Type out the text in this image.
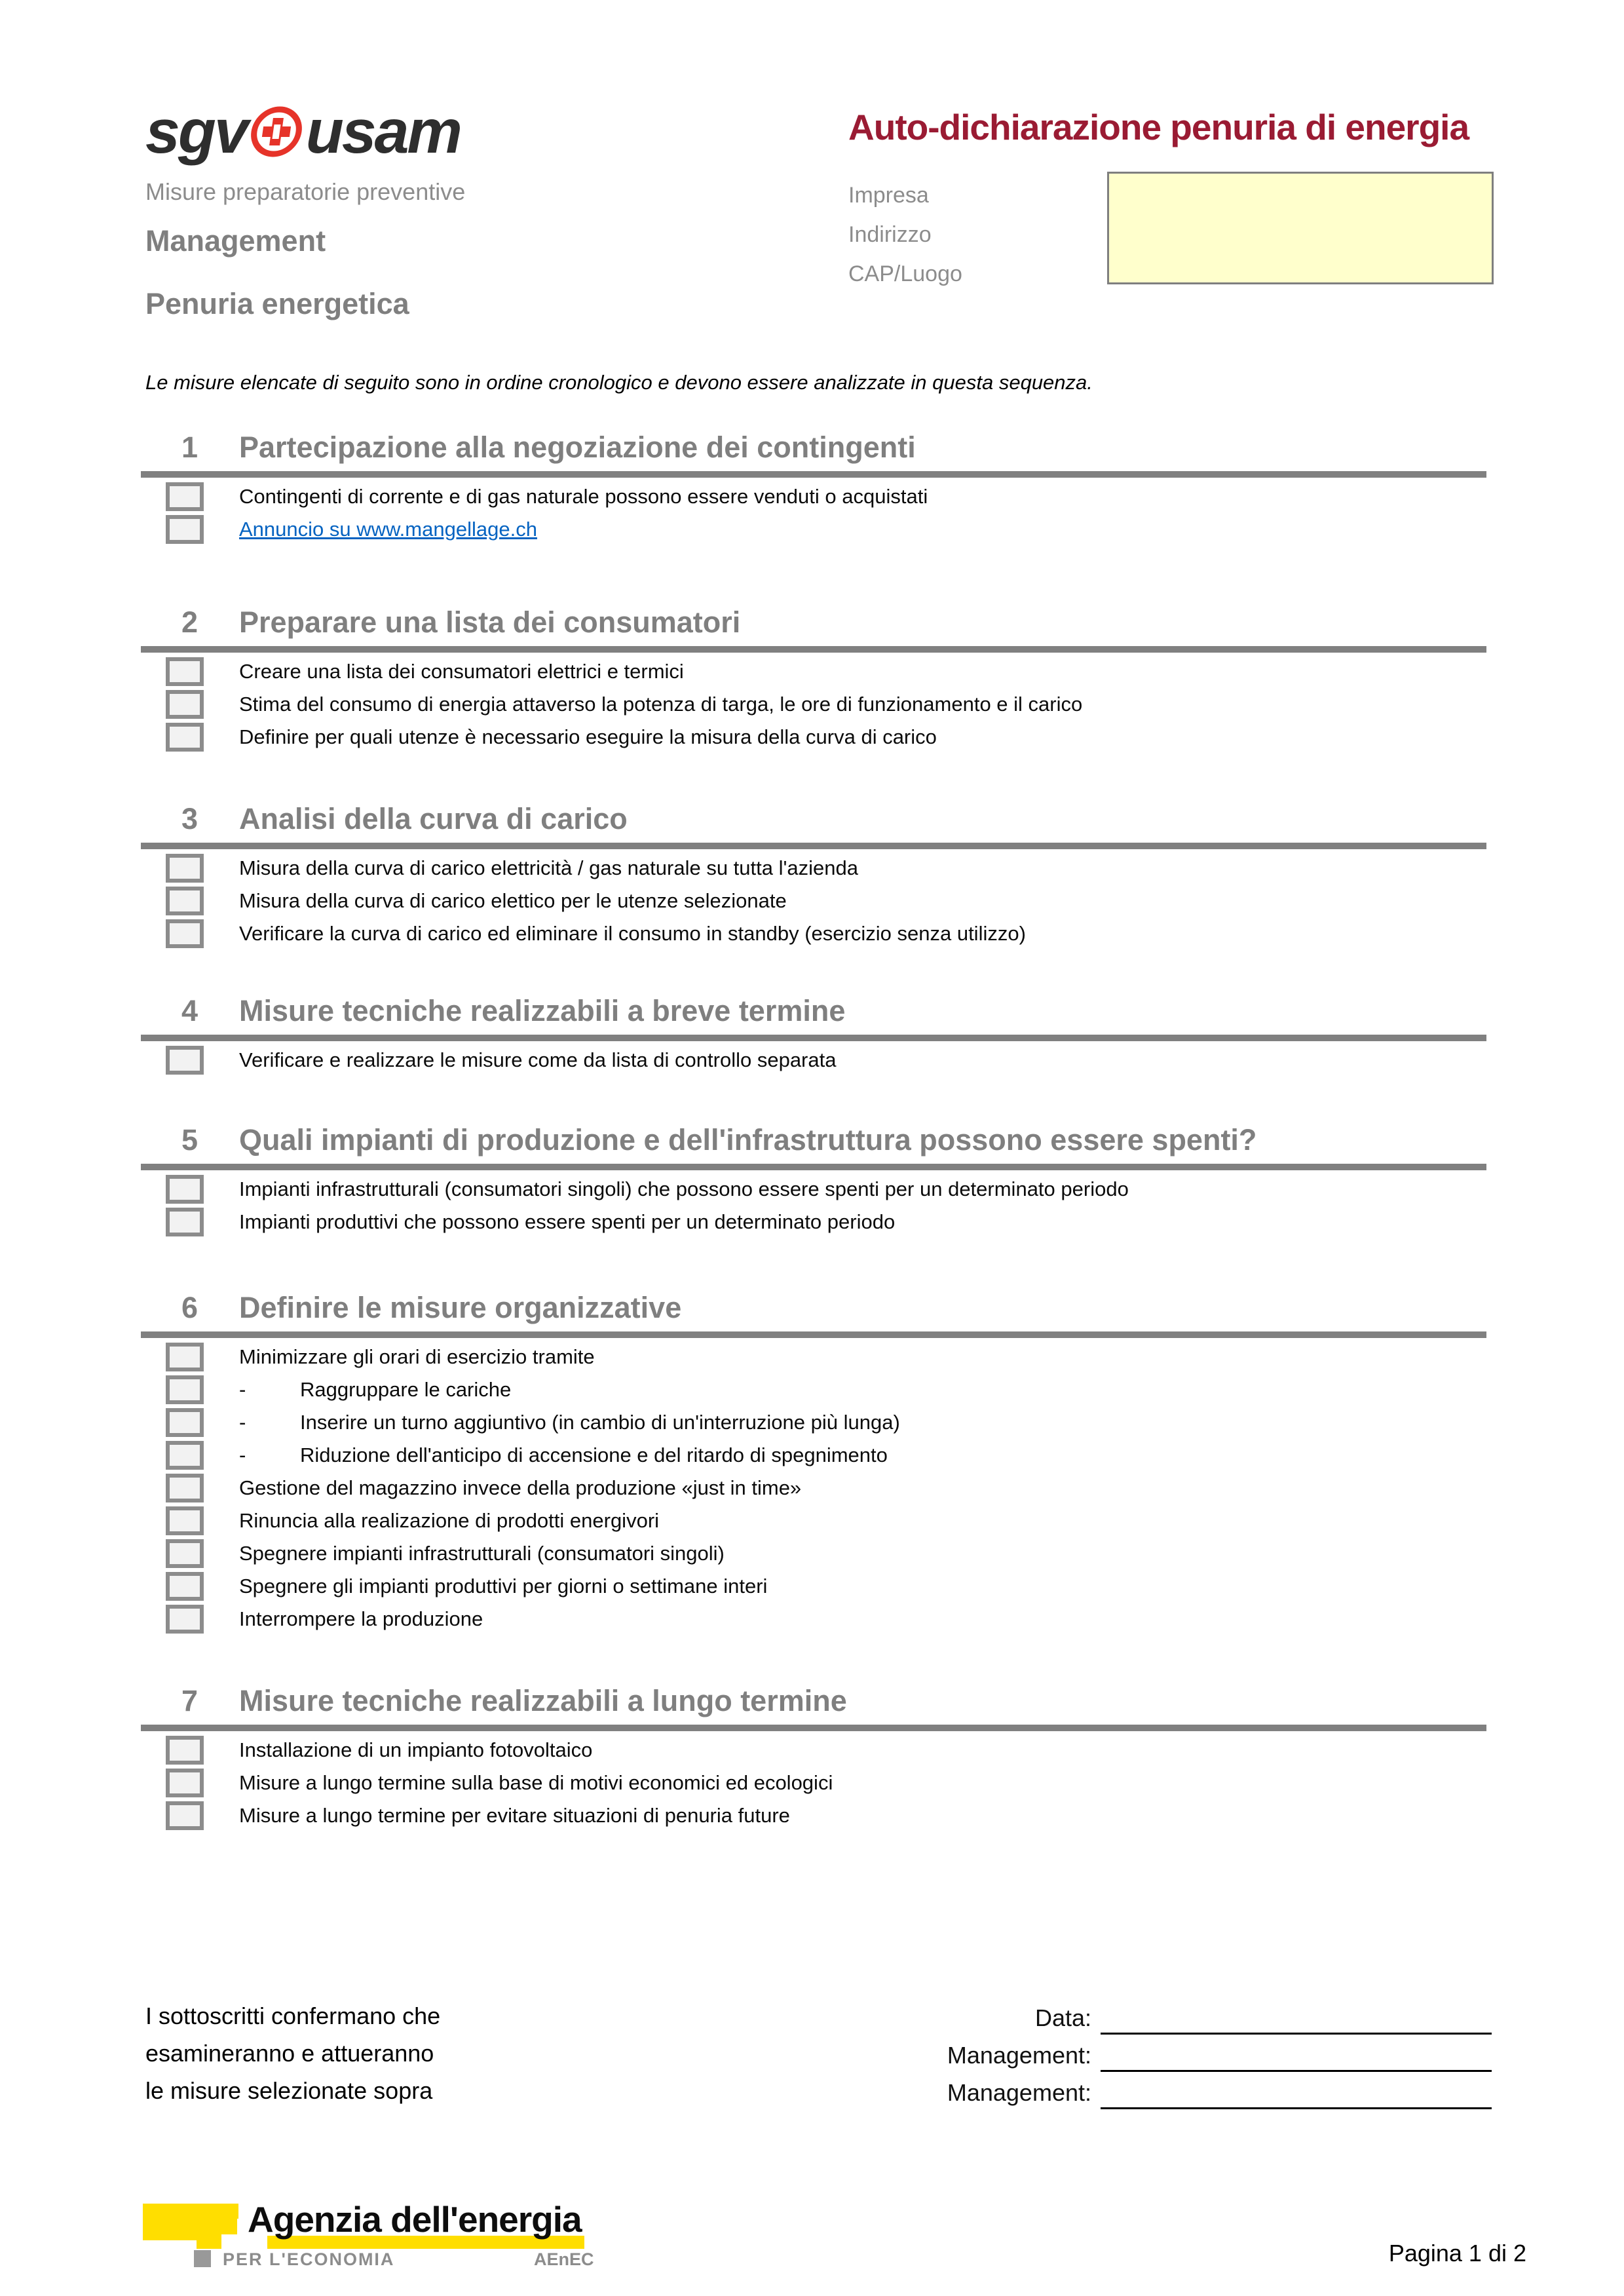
sgv usam
Misure preparatorie preventive
Management
Penuria energetica
Auto-dichiarazione penuria di energia
Impresa
Indirizzo
CAP/Luogo
Le misure elencate di seguito sono in ordine cronologico e devono essere analizzate in questa sequenza.
1	Partecipazione alla negoziazione dei contingenti
Contingenti di corrente e di gas naturale possono essere venduti o acquistati
Annuncio su www.mangellage.ch
2	Preparare una lista dei consumatori
Creare una lista dei consumatori elettrici e termici
Stima del consumo di energia attaverso la potenza di targa, le ore di funzionamento e il carico
Definire per quali utenze è necessario eseguire la misura della curva di carico
3	Analisi della curva di carico
Misura della curva di carico elettricità / gas naturale su tutta l'azienda
Misura della curva di carico elettico per le utenze selezionate
Verificare la curva di carico ed eliminare il consumo in standby (esercizio senza utilizzo)
4	Misure tecniche realizzabili a breve termine
Verificare e realizzare le misure come da lista di controllo separata
5	Quali impianti di produzione e dell'infrastruttura possono essere spenti?
Impianti infrastrutturali (consumatori singoli) che possono essere spenti per un determinato periodo
Impianti produttivi che possono essere spenti per un determinato periodo
6	Definire le misure organizzative
Minimizzare gli orari di esercizio tramite
-	Raggruppare le cariche
-	Inserire un turno aggiuntivo (in cambio di un'interruzione più lunga)
-	Riduzione dell'anticipo di accensione e del ritardo di spegnimento
Gestione del magazzino invece della produzione «just in time»
Rinuncia alla realizazione di prodotti energivori
Spegnere impianti infrastrutturali (consumatori singoli)
Spegnere gli impianti produttivi per giorni o settimane interi
Interrompere la produzione
7	Misure tecniche realizzabili a lungo termine
Installazione di un impianto fotovoltaico
Misure a lungo termine sulla base di motivi economici ed ecologici
Misure a lungo termine per evitare situazioni di penuria future
I sottoscritti confermano che
esamineranno e attueranno
le misure selezionate sopra
Data:
Management:
Management:
Agenzia dell'energia
PER L'ECONOMIA	AEnEC	Pagina 1 di 2
